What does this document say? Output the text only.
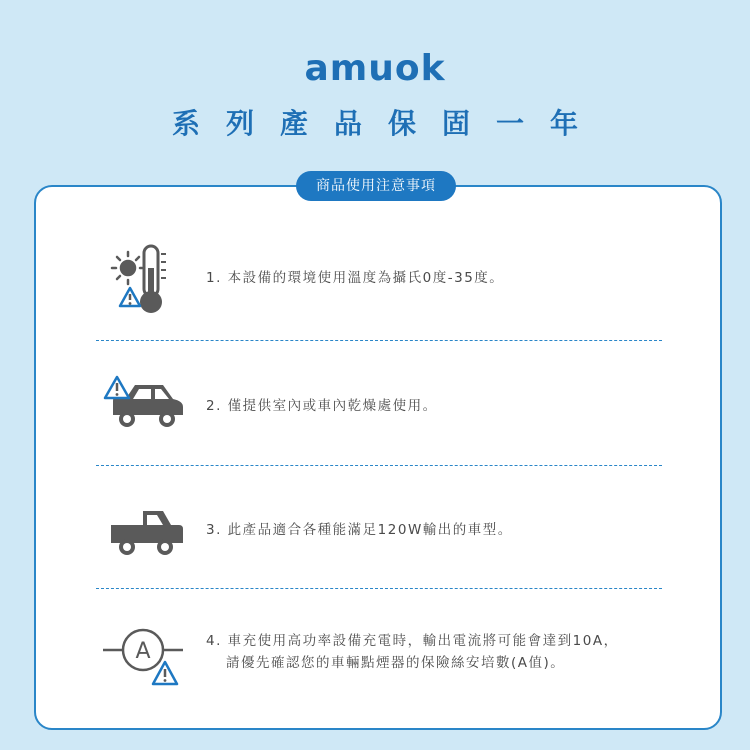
amuok
系列產品保固一年
商品使用注意事項
1. 本設備的環境使用溫度為攝氏0度-35度。
2. 僅提供室內或車內乾燥處使用。
3. 此產品適合各種能滿足120W輸出的車型。
A	4. 車充使用高功率設備充電時，輸出電流將可能會達到10A，
請優先確認您的車輛點煙器的保險絲安培數(A值)。
